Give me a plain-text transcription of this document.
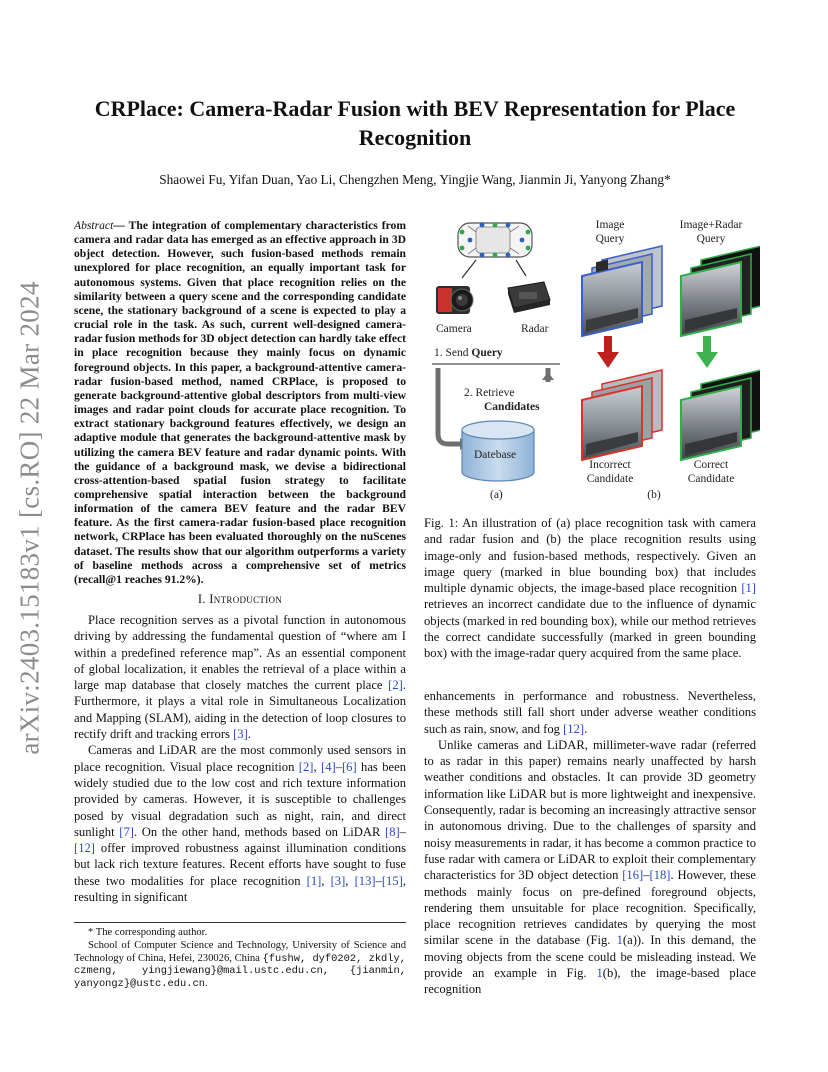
arXiv:2403.15183v1 [cs.RO] 22 Mar 2024
CRPlace: Camera-Radar Fusion with BEV Representation for Place Recognition
Shaowei Fu, Yifan Duan, Yao Li, Chengzhen Meng, Yingjie Wang, Jianmin Ji, Yanyong Zhang*
Abstract— The integration of complementary characteristics from camera and radar data has emerged as an effective approach in 3D object detection. However, such fusion-based methods remain unexplored for place recognition, an equally important task for autonomous systems. Given that place recognition relies on the similarity between a query scene and the corresponding candidate scene, the stationary background of a scene is expected to play a crucial role in the task. As such, current well-designed camera-radar fusion methods for 3D object detection can hardly take effect in place recognition because they mainly focus on dynamic foreground objects. In this paper, a background-attentive camera-radar fusion-based method, named CRPlace, is proposed to generate background-attentive global descriptors from multi-view images and radar point clouds for accurate place recognition. To extract stationary background features effectively, we design an adaptive module that generates the background-attentive mask by utilizing the camera BEV feature and radar dynamic points. With the guidance of a background mask, we devise a bidirectional cross-attention-based spatial fusion strategy to facilitate comprehensive spatial interaction between the background information of the camera BEV feature and the radar BEV feature. As the first camera-radar fusion-based place recognition network, CRPlace has been evaluated thoroughly on the nuScenes dataset. The results show that our algorithm outperforms a variety of baseline methods across a comprehensive set of metrics (recall@1 reaches 91.2%).
I. Introduction

Place recognition serves as a pivotal function in autonomous driving by addressing the fundamental question of “where am I within a predefined reference map”. As an essential component of global localization, it enables the retrieval of a place within a large map database that closely matches the current place [2]. Furthermore, it plays a vital role in Simultaneous Localization and Mapping (SLAM), aiding in the detection of loop closures to rectify drift and tracking errors [3].

Cameras and LiDAR are the most commonly used sensors in place recognition. Visual place recognition [2], [4]–[6] has been widely studied due to the low cost and rich texture information provided by cameras. However, it is susceptible to challenges posed by visual degradation such as night, rain, and direct sunlight [7]. On the other hand, methods based on LiDAR [8]–[12] offer improved robustness against illumination conditions but lack rich texture features. Recent efforts have sought to fuse these two modalities for place recognition [1], [3], [13]–[15], resulting in significant

* The corresponding author.
School of Computer Science and Technology, University of Science and Technology of China, Hefei, 230026, China {fushw, dyf0202, zkdly, czmeng, yingjiewang}@mail.ustc.edu.cn, {jianmin, yanyongz}@ustc.edu.cn.
Camera	Radar
1. Send Query
2. Retrieve
Candidates
Datebase
(a)
Image
Query
Image+Radar
Query
Incorrect
Candidate
Correct
Candidate
(b)
Fig. 1: An illustration of (a) place recognition task with camera and radar fusion and (b) the place recognition results using image-only and fusion-based methods, respectively. Given an image query (marked in blue bounding box) that includes multiple dynamic objects, the image-based place recognition [1] retrieves an incorrect candidate due to the influence of dynamic objects (marked in red bounding box), while our method retrieves the correct candidate successfully (marked in green bounding box) with the image-radar query acquired from the same place.

enhancements in performance and robustness. Nevertheless, these methods still fall short under adverse weather conditions such as rain, snow, and fog [12].

Unlike cameras and LiDAR, millimeter-wave radar (referred to as radar in this paper) remains nearly unaffected by harsh weather conditions and obstacles. It can provide 3D geometry information like LiDAR but is more lightweight and inexpensive. Consequently, radar is becoming an increasingly attractive sensor in autonomous driving. Due to the challenges of sparsity and noisy measurements in radar, it has become a common practice to fuse radar with camera or LiDAR to exploit their complementary characteristics for 3D object detection [16]–[18]. However, these methods mainly focus on pre-defined foreground objects, rendering them unsuitable for place recognition. Specifically, place recognition retrieves candidates by querying the most similar scene in the database (Fig. 1(a)). In this demand, the moving objects from the scene could be misleading instead. We provide an example in Fig. 1(b), the image-based place recognition
